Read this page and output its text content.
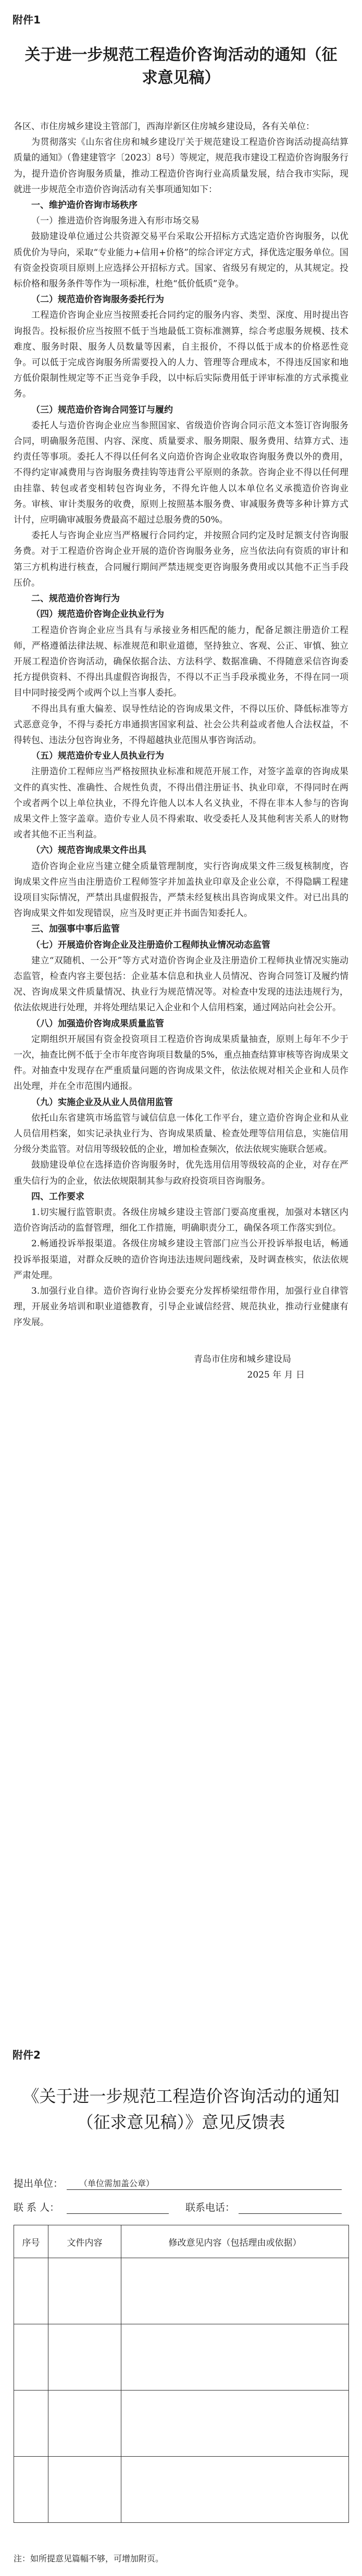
附件1
关于进一步规范工程造价咨询活动的通知（征求意见稿）

各区、市住房城乡建设主管部门，西海岸新区住房城乡建设局，各有关单位：

为贯彻落实《山东省住房和城乡建设厅关于规范建设工程造价咨询活动提高结算质量的通知》（鲁建建管字〔2023〕8号）等规定，规范我市建设工程造价咨询服务行为，提升造价咨询服务质量，推动工程造价咨询行业高质量发展，结合我市实际，现就进一步规范全市造价咨询活动有关事项通知如下：

一、维护造价咨询市场秩序

（一）推进造价咨询服务进入有形市场交易

鼓励建设单位通过公共资源交易平台采取公开招标方式选定造价咨询服务，以优质优价为导向，采取“专业能力+信用+价格”的综合评定方式，择优选定服务单位。国有资金投资项目原则上应选择公开招标方式。国家、省级另有规定的，从其规定。投标价格和服务条件等作为一项标准，杜绝“低价低质”竞争。

（二）规范造价咨询服务委托行为

工程造价咨询企业应当按照委托合同约定的服务内容、类型、深度、用时提出咨询报告。投标报价应当按照不低于当地最低工资标准测算，综合考虑服务规模、技术难度、服务时限、服务人员数量等因素，自主报价，不得以低于成本的价格恶性竞争。可以低于完成咨询服务所需要投入的人力、管理等合理成本，不得违反国家和地方低价限制性规定等不正当竞争手段，以中标后实际费用低于评审标准的方式承揽业务。

（三）规范造价咨询合同签订与履约

委托人与造价咨询企业应当参照国家、省级造价咨询合同示范文本签订咨询服务合同，明确服务范围、内容、深度、质量要求、服务期限、服务费用、结算方式、违约责任等事项。委托人不得以任何名义向造价咨询企业收取咨询服务费以外的费用，不得约定审减费用与咨询服务费挂钩等违背公平原则的条款。咨询企业不得以任何理由挂靠、转包或者变相转包咨询业务，不得允许他人以本单位名义承揽造价咨询业务。审核、审计类服务的收费，原则上按照基本服务费、审减服务费等多种计算方式计付，应明确审减服务费最高不超过总服务费的50%。

委托人与咨询企业应当严格履行合同约定，并按照合同约定及时足额支付咨询服务费。对于工程造价咨询企业开展的造价咨询服务业务，应当依法向有资质的审计和第三方机构进行核查，合同履行期间严禁违规变更咨询服务费用或以其他不正当手段压价。

二、规范造价咨询行为

（四）规范造价咨询企业执业行为

工程造价咨询企业应当具有与承接业务相匹配的能力，配备足额注册造价工程师，严格遵循法律法规、标准规范和职业道德，坚持独立、客观、公正、审慎、独立开展工程造价咨询活动，确保依据合法、方法科学、数据准确、不得随意采信咨询委托方提供资料、不得出具虚假咨询报告，不得以不正当手段承揽业务，不得在同一项目中同时接受两个或两个以上当事人委托。

不得出具有重大偏差、误导性结论的咨询成果文件，不得以压价、降低标准等方式恶意竞争，不得与委托方串通损害国家利益、社会公共利益或者他人合法权益，不得转包、违法分包咨询业务，不得超越执业范围从事咨询活动。

（五）规范造价专业人员执业行为

注册造价工程师应当严格按照执业标准和规范开展工作，对签字盖章的咨询成果文件的真实性、准确性、合规性负责，不得出借注册证书、执业印章，不得同时在两个或者两个以上单位执业，不得允许他人以本人名义执业，不得在非本人参与的咨询成果文件上签字盖章。造价专业人员不得索取、收受委托人及其他利害关系人的财物或者其他不正当利益。

（六）规范咨询成果文件出具

造价咨询企业应当建立健全质量管理制度，实行咨询成果文件三级复核制度，咨询成果文件应当由注册造价工程师签字并加盖执业印章及企业公章，不得隐瞒工程建设项目实际情况，严禁出具虚假报告，严禁未经复核出具咨询成果文件。对已出具的咨询成果文件如发现错误，应当及时更正并书面告知委托人。

三、加强事中事后监管

（七）开展造价咨询企业及注册造价工程师执业情况动态监管

建立“双随机、一公开”等方式对造价咨询企业及注册造价工程师执业情况实施动态监管，检查内容主要包括：企业基本信息和执业人员情况、咨询合同签订及履约情况、咨询成果文件质量情况、执业行为规范情况等。对检查中发现的违法违规行为，依法依规进行处理，并将处理结果记入企业和个人信用档案，通过网站向社会公开。

（八）加强造价咨询成果质量监管

定期组织开展国有资金投资项目工程造价咨询成果质量抽查，原则上每年不少于一次，抽查比例不低于全市年度咨询项目数量的5%，重点抽查结算审核等咨询成果文件。对抽查中发现存在严重质量问题的咨询成果文件，依法依规对相关企业和人员作出处理，并在全市范围内通报。

（九）实施企业及从业人员信用监管

依托山东省建筑市场监管与诚信信息一体化工作平台，建立造价咨询企业和从业人员信用档案，如实记录执业行为、咨询成果质量、检查处理等信用信息，实施信用分级分类监管。对信用等级较低的企业，增加检查频次，依法依规实施联合惩戒。

鼓励建设单位在选择造价咨询服务时，优先选用信用等级较高的企业，对存在严重失信行为的企业，依法依规限制其参与政府投资项目咨询服务。

四、工作要求

1.切实履行监管职责。各级住房城乡建设主管部门要高度重视，加强对本辖区内造价咨询活动的监督管理，细化工作措施，明确职责分工，确保各项工作落实到位。

2.畅通投诉举报渠道。各级住房城乡建设主管部门应当公开投诉举报电话，畅通投诉举报渠道，对群众反映的造价咨询违法违规问题线索，及时调查核实，依法依规严肃处理。

3.加强行业自律。造价咨询行业协会要充分发挥桥梁纽带作用，加强行业自律管理，开展业务培训和职业道德教育，引导企业诚信经营、规范执业，推动行业健康有序发展。

青岛市住房和城乡建设局

2025 年 月 日

附件2
《关于进一步规范工程造价咨询活动的通知（征求意见稿）》意见反馈表
提出单位： （单位需加盖公章）
联 系 人：	联系电话：
序号	文件内容	修改意见内容（包括理由或依据）

注：如所提意见篇幅不够，可增加附页。
